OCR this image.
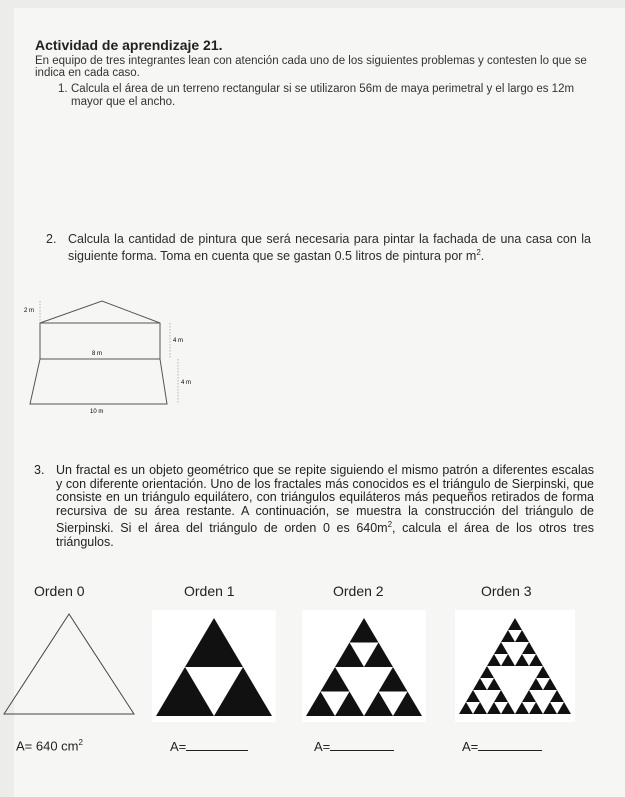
Actividad de aprendizaje 21.
En equipo de tres integrantes lean con atención cada uno de los siguientes problemas y contesten lo que se indica en cada caso.
1. Calcula el área de un terreno rectangular si se utilizaron 56m de maya perimetral y el largo es 12m mayor que el ancho.
2. Calcula la cantidad de pintura que será necesaria para pintar la fachada de una casa con la siguiente forma. Toma en cuenta que se gastan 0.5 litros de pintura por $m^2$.
2 m
4 m
8 m
4 m
10 m
3. Un fractal es un objeto geométrico que se repite siguiendo el mismo patrón a diferentes escalas y con diferente orientación. Uno de los fractales más conocidos es el triángulo de Sierpinski, que consiste en un triángulo equilátero, con triángulos equiláteros más pequeños retirados de forma recursiva de su área restante. A continuación, se muestra la construcción del triángulo de Sierpinski. Si el área del triángulo de orden 0 es $640m^2$, calcula el área de los otros tres triángulos.
Orden 0	Orden 1	Orden 2	Orden 3
A= 640 $cm^2$	A=	A=	A=
